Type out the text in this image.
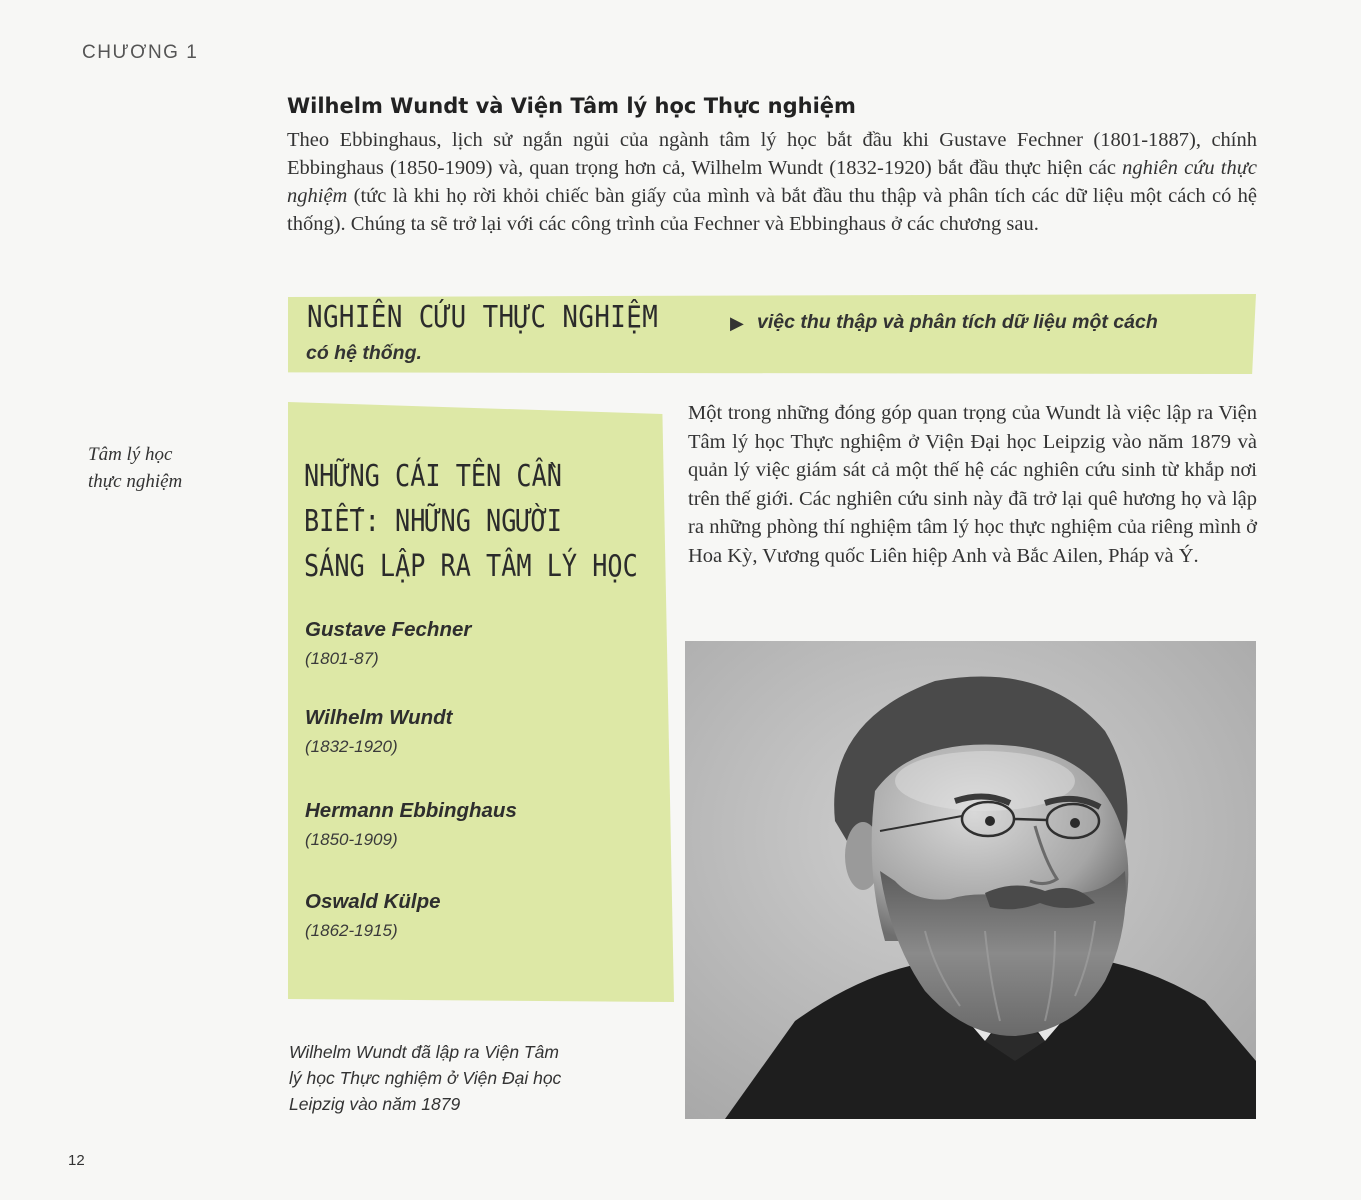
CHƯƠNG 1
Wilhelm Wundt và Viện Tâm lý học Thực nghiệm
Theo Ebbinghaus, lịch sử ngắn ngủi của ngành tâm lý học bắt đầu khi Gustave Fechner (1801-1887), chính Ebbinghaus (1850-1909) và, quan trọng hơn cả, Wilhelm Wundt (1832-1920) bắt đầu thực hiện các nghiên cứu thực nghiệm (tức là khi họ rời khỏi chiếc bàn giấy của mình và bắt đầu thu thập và phân tích các dữ liệu một cách có hệ thống). Chúng ta sẽ trở lại với các công trình của Fechner và Ebbinghaus ở các chương sau.
NGHIÊN CỨU THỰC NGHIỆM	▶ việc thu thập và phân tích dữ liệu một cách
có hệ thống.
Tâm lý học
thực nghiệm	NHỮNG CÁI TÊN CẦN
BIẾT: NHỮNG NGƯỜI
SÁNG LẬP RA TÂM LÝ HỌC
Gustave Fechner
(1801-87)
Wilhelm Wundt
(1832-1920)
Hermann Ebbinghaus
(1850-1909)
Oswald Külpe
(1862-1915)
Một trong những đóng góp quan trọng của Wundt là việc lập ra Viện Tâm lý học Thực nghiệm ở Viện Đại học Leipzig vào năm 1879 và quản lý việc giám sát cả một thế hệ các nghiên cứu sinh từ khắp nơi trên thế giới. Các nghiên cứu sinh này đã trở lại quê hương họ và lập ra những phòng thí nghiệm tâm lý học thực nghiệm của riêng mình ở Hoa Kỳ, Vương quốc Liên hiệp Anh và Bắc Ailen, Pháp và Ý.
Wilhelm Wundt đã lập ra Viện Tâm
lý học Thực nghiệm ở Viện Đại học
Leipzig vào năm 1879
12
